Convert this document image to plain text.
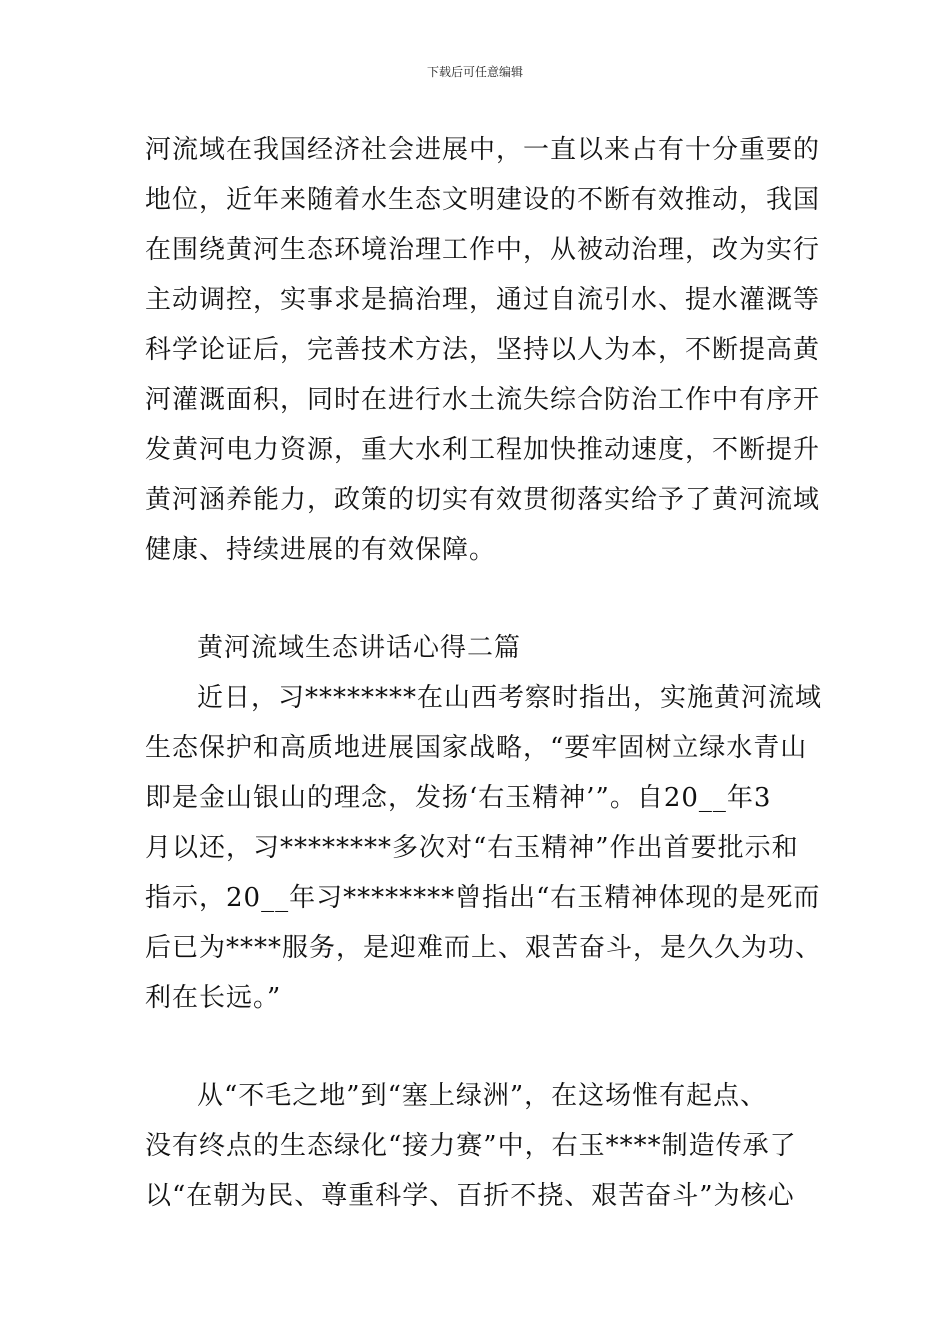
下载后可任意编辑
河流域在我国经济社会进展中，一直以来占有十分重要的
地位，近年来随着水生态文明建设的不断有效推动，我国
在围绕黄河生态环境治理工作中，从被动治理，改为实行
主动调控，实事求是搞治理，通过自流引水、提水灌溉等
科学论证后，完善技术方法，坚持以人为本，不断提高黄
河灌溉面积，同时在进行水土流失综合防治工作中有序开
发黄河电力资源，重大水利工程加快推动速度，不断提升
黄河涵养能力，政策的切实有效贯彻落实给予了黄河流域
健康、持续进展的有效保障。
黄河流域生态讲话心得二篇
近日，习********在山西考察时指出，实施黄河流域
生态保护和高质地进展国家战略，“要牢固树立绿水青山
即是金山银山的理念，发扬‘右玉精神’”。自20__年3
月以还，习********多次对“右玉精神”作出首要批示和
指示，20__年习********曾指出“右玉精神体现的是死而
后已为****服务，是迎难而上、艰苦奋斗，是久久为功、
利在长远。”
从“不毛之地”到“塞上绿洲”，在这场惟有起点、
没有终点的生态绿化“接力赛”中，右玉****制造传承了
以“在朝为民、尊重科学、百折不挠、艰苦奋斗”为核心
